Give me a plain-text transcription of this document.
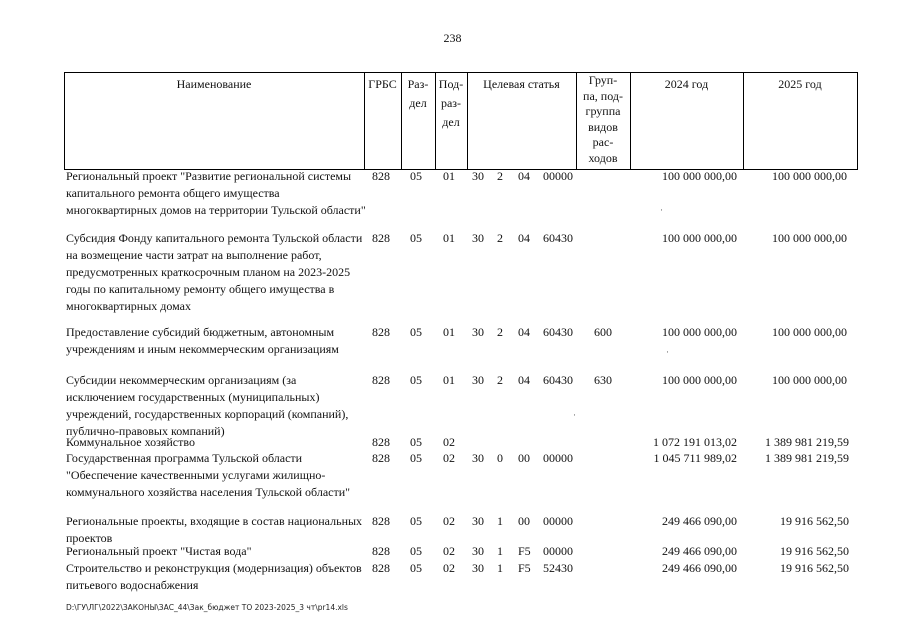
238
Наименование	ГРБС Раз-
дел
Под-
раз-
дел
Целевая статья	Груп-
па, под-
группа
видов
рас-
ходов
2024 год	2025 год
Региональный проект "Развитие региональной системы капитального ремонта общего имущества многоквартирных домов на территории Тульской области"
828 05 01 30 2 04 00000	100 000 000,00	100 000 000,00
Субсидия Фонду капитального ремонта Тульской области на возмещение части затрат на выполнение работ, предусмотренных краткосрочным планом на 2023-2025 годы по капитальному ремонту общего имущества в многоквартирных домах
828 05 01 30 2 04 60430	100 000 000,00	100 000 000,00
Предоставление субсидий бюджетным, автономным учреждениям и иным некоммерческим организациям
828 05 01 30 2 04 60430 600	100 000 000,00	100 000 000,00
Субсидии некоммерческим организациям (за исключением государственных (муниципальных) учреждений, государственных корпораций (компаний), публично-правовых компаний)
828 05 01 30 2 04 60430 630	100 000 000,00	100 000 000,00
Коммунальное хозяйство	828 05 02	1 072 191 013,02	1 389 981 219,59
Государственная программа Тульской области "Обеспечение качественными услугами жилищно-коммунального хозяйства населения Тульской области"
828 05 02 30 0 00 00000	1 045 711 989,02	1 389 981 219,59
Региональные проекты, входящие в состав национальных проектов
828 05 02 30 1 00 00000	249 466 090,00	19 916 562,50
Региональный проект "Чистая вода"	828 05 02 30 1 F5 00000	249 466 090,00	19 916 562,50
Строительство и реконструкция (модернизация) объектов питьевого водоснабжения
828 05 02 30 1 F5 52430	249 466 090,00	19 916 562,50
·
·
·
D:\ГУ\ЛГ\2022\ЗАКОНЫ\ЗАС_44\Зак_бюджет ТО 2023-2025_3 чт\pr14.xls
